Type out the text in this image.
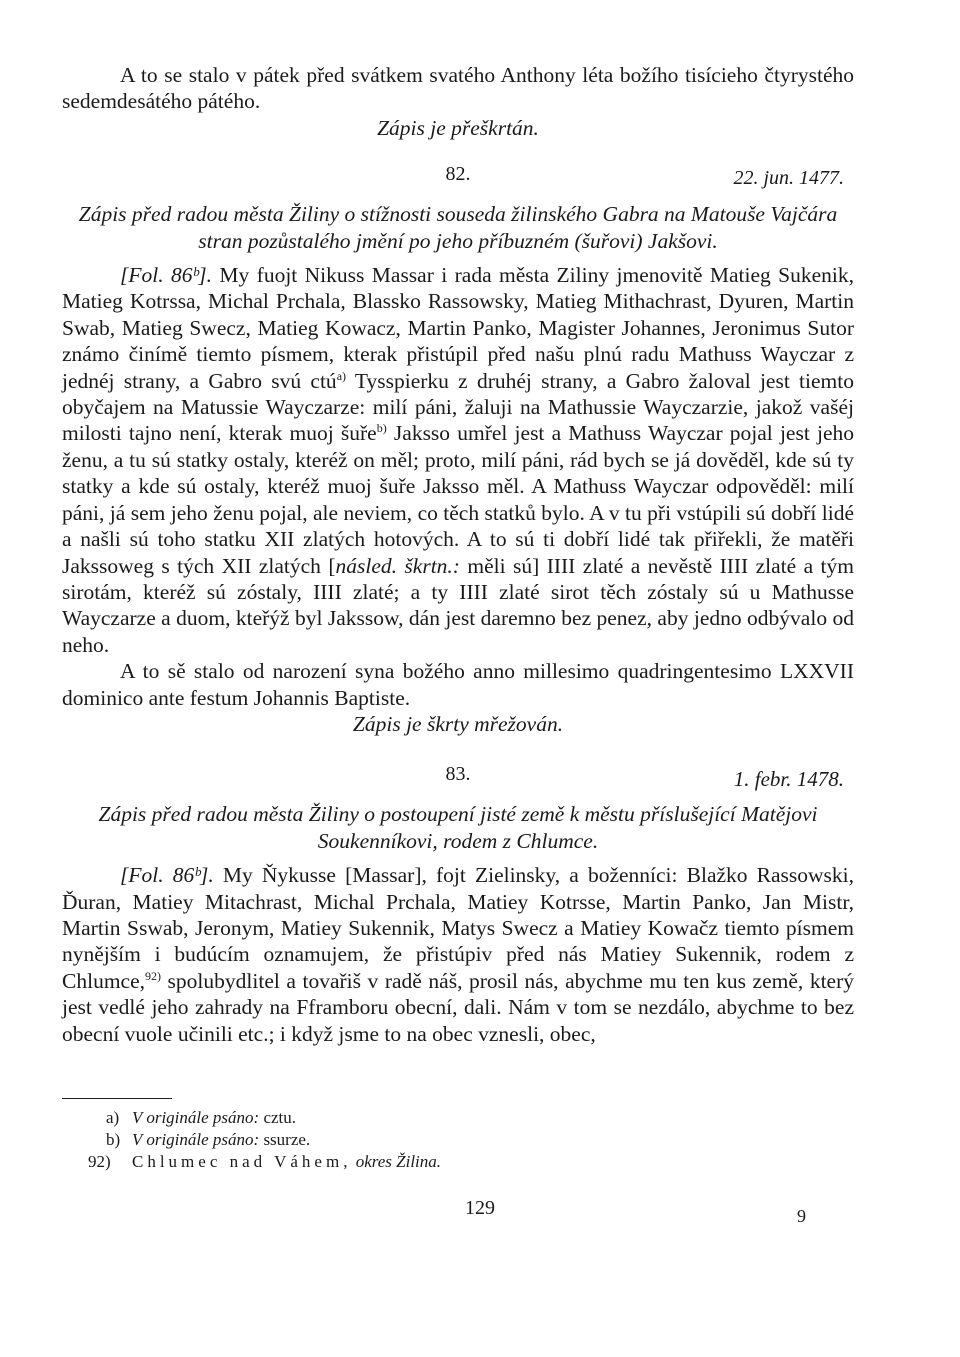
A to se stalo v pátek před svátkem svatého Anthony léta božího tisícieho čtyrystého sedemdesátého pátého.

Zápis je přeškrtán.

82.	22. jun. 1477.

Zápis před radou města Žiliny o stížnosti souseda žilinského Gabra na Matouše Vajčára stran pozůstalého jmění po jeho příbuzném (šuřovi) Jakšovi.

[Fol. 86ᵇ]. My fuojt Nikuss Massar i rada města Ziliny jmenovitě Matieg Sukenik, Matieg Kotrssa, Michal Prchala, Blassko Rassowsky, Matieg Mithachrast, Dyuren, Martin Swab, Matieg Swecz, Matieg Kowacz, Martin Panko, Magister Johannes, Jeronimus Sutor známo činímě tiemto písmem, kterak přistúpil před našu plnú radu Mathuss Wayczar z jednéj strany, a Gabro svú ctú$^{a)}$ Tysspierku z druhéj strany, a Gabro žaloval jest tiemto obyčajem na Matussie Wayczarze: milí páni, žaluji na Mathussie Wayczarzie, jakož vašéj milosti tajno není, kterak muoj šuře$^{b)}$ Jaksso umřel jest a Mathuss Wayczar pojal jest jeho ženu, a tu sú statky ostaly, kteréž on měl; proto, milí páni, rád bych se já dověděl, kde sú ty statky a kde sú ostaly, kteréž muoj šuře Jaksso měl. A Mathuss Wayczar odpověděl: milí páni, já sem jeho ženu pojal, ale neviem, co těch statků bylo. A v tu při vstúpili sú dobří lidé a našli sú toho statku XII zlatých hotových. A to sú ti dobří lidé tak přiřekli, že matěři Jakssoweg s tých XII zlatých [násled. škrtn.: měli sú] IIII zlaté a nevěstě IIII zlaté a tým sirotám, kteréž sú zóstaly, IIII zlaté; a ty IIII zlaté sirot těch zóstaly sú u Mathusse Wayczarze a duom, kteřýž byl Jakssow, dán jest daremno bez penez, aby jedno odbývalo od neho.

A to sě stalo od narození syna božého anno millesimo quadringentesimo LXXVII dominico ante festum Johannis Baptiste.

Zápis je škrty mřežován.

83.	1. febr. 1478.

Zápis před radou města Žiliny o postoupení jisté země k městu příslušející Matějovi Soukenníkovi, rodem z Chlumce.

[Fol. 86ᵇ]. My Ňykusse [Massar], fojt Zielinsky, a boženníci: Blažko Rassowski, Ďuran, Matiey Mitachrast, Michal Prchala, Matiey Kotrsse, Martin Panko, Jan Mistr, Martin Sswab, Jeronym, Matiey Sukennik, Matys Swecz a Matiey Kowačz tiemto písmem nynějším i budúcím oznamujem, že přistúpiv před nás Matiey Sukennik, rodem z Chlumce,$^{92)}$ spolubydlitel a tovařiš v radě náš, prosil nás, abychme mu ten kus země, který jest vedlé jeho zahrady na Fframboru obecní, dali. Nám v tom se nezdálo, abychme to bez obecní vuole učinili etc.; i když jsme to na obec vznesli, obec,

a) V originále psáno: cztu.

b) V originále psáno: ssurze.

92) Chlumec nad Váhem, okres Žilina.

129	9
